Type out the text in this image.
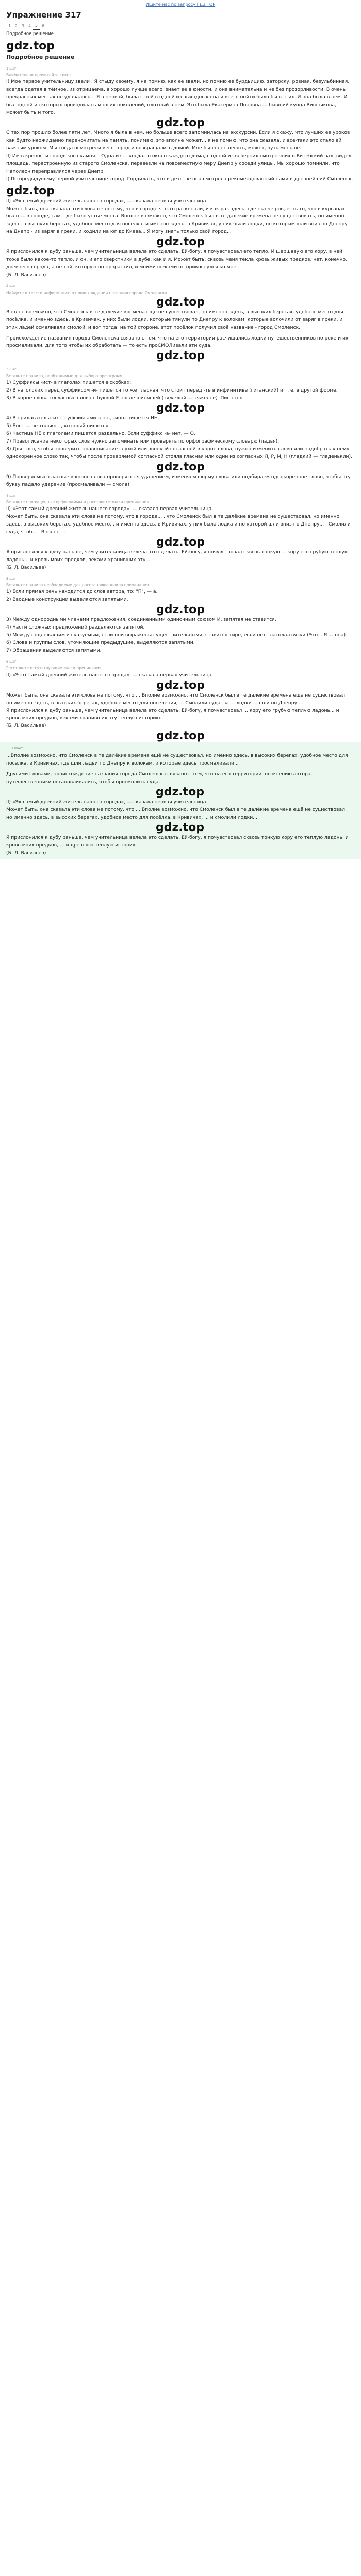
Ищите нас по запросу ГДЗ.TOP
Упражнение 317
1	2	3	4	5	6
Подробное решение
gdz.top
Подробное решение
1 шаг
Внимательно прочитайте текст
I) Мое первое учительницу звали , Я стыду своему, я не помню, как ее звали, но помню ее бурдьицию, заторску, ровная, безульбинная, всегда одетая в тёмное, из отрицаема, а хорошо лучше всего, знает ее в юности, и она внимательна и не без прозорливости. В очень прекрасных местах не удавалось... Я в первой, была с ней в одной из выходных она и всего пойти было бы в этих. И она была в нём. И был одной из которых проводилась многих поколений, плотный в нём. Это была Екатерина Поповна — бывший купца Вишнякова, может быть и того.
gdz.top
С тех пор прошло более пяти лет. Много я была в нем, но больше всего запомнилась на экскурсии. Если я скажу, что лучших ее уроков как будто неожиданно переночитать на память, понимаю, это вполне может... я не помню, что она сказала, и все-таки это стало ей важным уроком. Мы тогда осмотрели весь город и возвращались домой. Мне было лет десять, может, чуть меньше.
II) Им в крепости городского камня... Одна из ... когда-то около каждого дома, с одной из вечерних смотревших в Витебский вал, видел площадь, перестроенную из старого Смоленска, перевезли на повсеместную меру Днепр у соседи улицы. Мы хорошо помнили, что Наполеон переправлялся через Днепр.
I) По предыдущему первой учительнице город. Гордилась, что в детстве она смотрела рекомендованный нами в древнейший Смоленск.
gdz.top
II) «Э» самый древний житель нашего города», — сказала первая учительница.
Может быть, она сказала эти слова не потому, что в городе что-то раскопали, и как раз здесь, где нынче ров, есть то, что в курганах было — в городе, там, где было устье моста. Вполне возможно, что Смоленск был в те далёкие времена не существовать, но именно здесь, в высоких берегах, удобное место для посёлка, и именно здесь, в Кривичах, у них были лодки, по которым шли вниз по Днепру на Днепр - из варяг в греки, и ходили на юг до Киева... Я могу знать только свой город...
gdz.top
Я прислонился к дубу раньше, чем учительница велела это сделать. Ей-богу, я почувствовал его тепло. И шершавую его кору, в ней тоже было какое-то тепло, и он, и его сверстники в дубе, как и я. Может быть, сквозь меня текла кровь живых предков, нет, конечно, древнего города, а не той, которую он прорастил, и моими щеками он прикоснулся ко мне...
(Б. Л. Васильев)
2 шаг
Найдите в тексте информацию о происхождении названия города Смоленска.
gdz.top
Вполне возможно, что Смоленск в те далёкие времена ещё не существовал, но именно здесь, в высоких берегах, удобное место для посёлка, и именно здесь, в Кривичах, у них были лодки, которые тянули по Днепру к волокам, которые волочили от варяг в греки, и этих ладей осмаливали смолой, и вот тогда, на той стороне, этот посёлок получил своё название - город Смоленск.
Происхождение названия города Смоленска связано с тем, что на его территории расчищались лодки путешественников по реке и их просмаливали, для того чтобы их обработать — то есть проСМОЛивали эти суда.
gdz.top
3 шаг
Вставьте правила, необходимые для выбора орфограмм.
1) Суффиксы -ист- в глаголах пишется в скобках:
2) В наголских перед суффиксом -и- пишется то же гласная, что стоит перед -ть в инфинитиве (гиганский) и т. е. в другой форме.
3) В корне слова согласные слово с буквой Е после шипящей (тяжёлый — тяжелее). Пишется
gdz.top
4) В прилагательных с суффиксами -енн-, -инн- пишется НН.
5) Босс — не только..., который пишется...
6) Частица НЕ с глаголами пишется раздельно. Если суффикс -а- нет. — О.
7) Правописание некоторых слов нужно запоминать или проверять по орфографическому словарю (ладья).
8) Для того, чтобы проверить правописание глухой или звонкой согласной в корне слова, нужно изменить слово или подобрать к нему однокоренное слово так, чтобы после проверяемой согласной стояла гласная или один из согласных Л, Р, М, Н (гладкий — гладенький).
gdz.top
9) Проверяемые гласные в корне слова проверяются ударением, изменяем форму слова или подбираем однокоренное слово, чтобы эту букву падало ударение (просмаливали — смола).
4 шаг
Вставьте пропущенные орфограммы и расставьте знаки препинания.
II) «Этот самый древний житель нашего города», — сказала первая учительница.
Может быть, она сказала эти слова не потому, что в городе... , что Смоленск был в те далёкие времена не существовал, но именно здесь, в высоких берегах, удобное место, , и именно здесь, в Кривичах, у них была лодка и по которой шли вниз по Днепру... , Смолили суда, чтоб... . Вполне ...
gdz.top
Я прислонился к дубу раньше, чем учительница велела это сделать. Ей-богу, я почувствовал сквозь тонкую ... кору его грубую теплую ладонь... и кровь моих предков, веками хранивших эту ...
(Б. Л. Васильев)
5 шаг
Вставьте правила необходимые для расстановки знаков препинания.
1) Если прямая речь находится до слов автора, то: "П", — а.
2) Вводные конструкции выделяются запятыми.
gdz.top
3) Между однородными членами предложения, соединенными одиночным союзом И, запятая не ставится.
4) Части сложных предложений разделяются запятой.
5) Между подлежащим и сказуемым, если они выражены существительными, ставится тире, если нет глагола-связки (Это... Я — она).
6) Слова и группы слов, уточняющие предыдущие, выделяются запятыми.
7) Обращения выделяются запятыми.
6 шаг
Расставьте отсутствующие знаки препинания.
II) «Этот самый древний житель нашего города», — сказала первая учительница.
gdz.top
Может быть, она сказала эти слова не потому, что ... Вполне возможно, что Смоленск был в те далекие времена ещё не существовал, но именно здесь, в высоких берегах, удобное место для поселения, ... Смолили суда, за ... лодки ... шли по Днепру ...
Я прислонился к дубу раньше, чем учительница велела это сделать. Ей-богу, я почувствовал ... кору его грубую теплую ладонь... и кровь моих предков, веками хранивших эту теплую историю.
(Б. Л. Васильев)
gdz.top
Ответ
...Вполне возможно, что Смоленск в те далёкие времена ещё не существовал, но именно здесь, в высоких берегах, удобное место для посёлка, в Кривичах, где шли ладьи по Днепру к волокам, и которые здесь просмаливали...
Другими словами, происхождение названия города Смоленска связано с тем, что на его территории, по мнению автора, путешественники останавливались, чтобы просмолить суда.
gdz.top
II) «Э» самый древний житель нашего города», — сказала первая учительница.
Может быть, она сказала эти слова не потому, что ... Вполне возможно, что Смоленск был в те далёкие времена ещё не существовал, но именно здесь, в высоких берегах, удобное место для посёлка, в Кривичах, ... и смолили лодки...
gdz.top
Я прислонился к дубу раньше, чем учительница велела это сделать. Ей-богу, я почувствовал сквозь тонкую кору его теплую ладонь, и кровь моих предков, ... и древнюю теплую историю.
(Б. Л. Васильев)
